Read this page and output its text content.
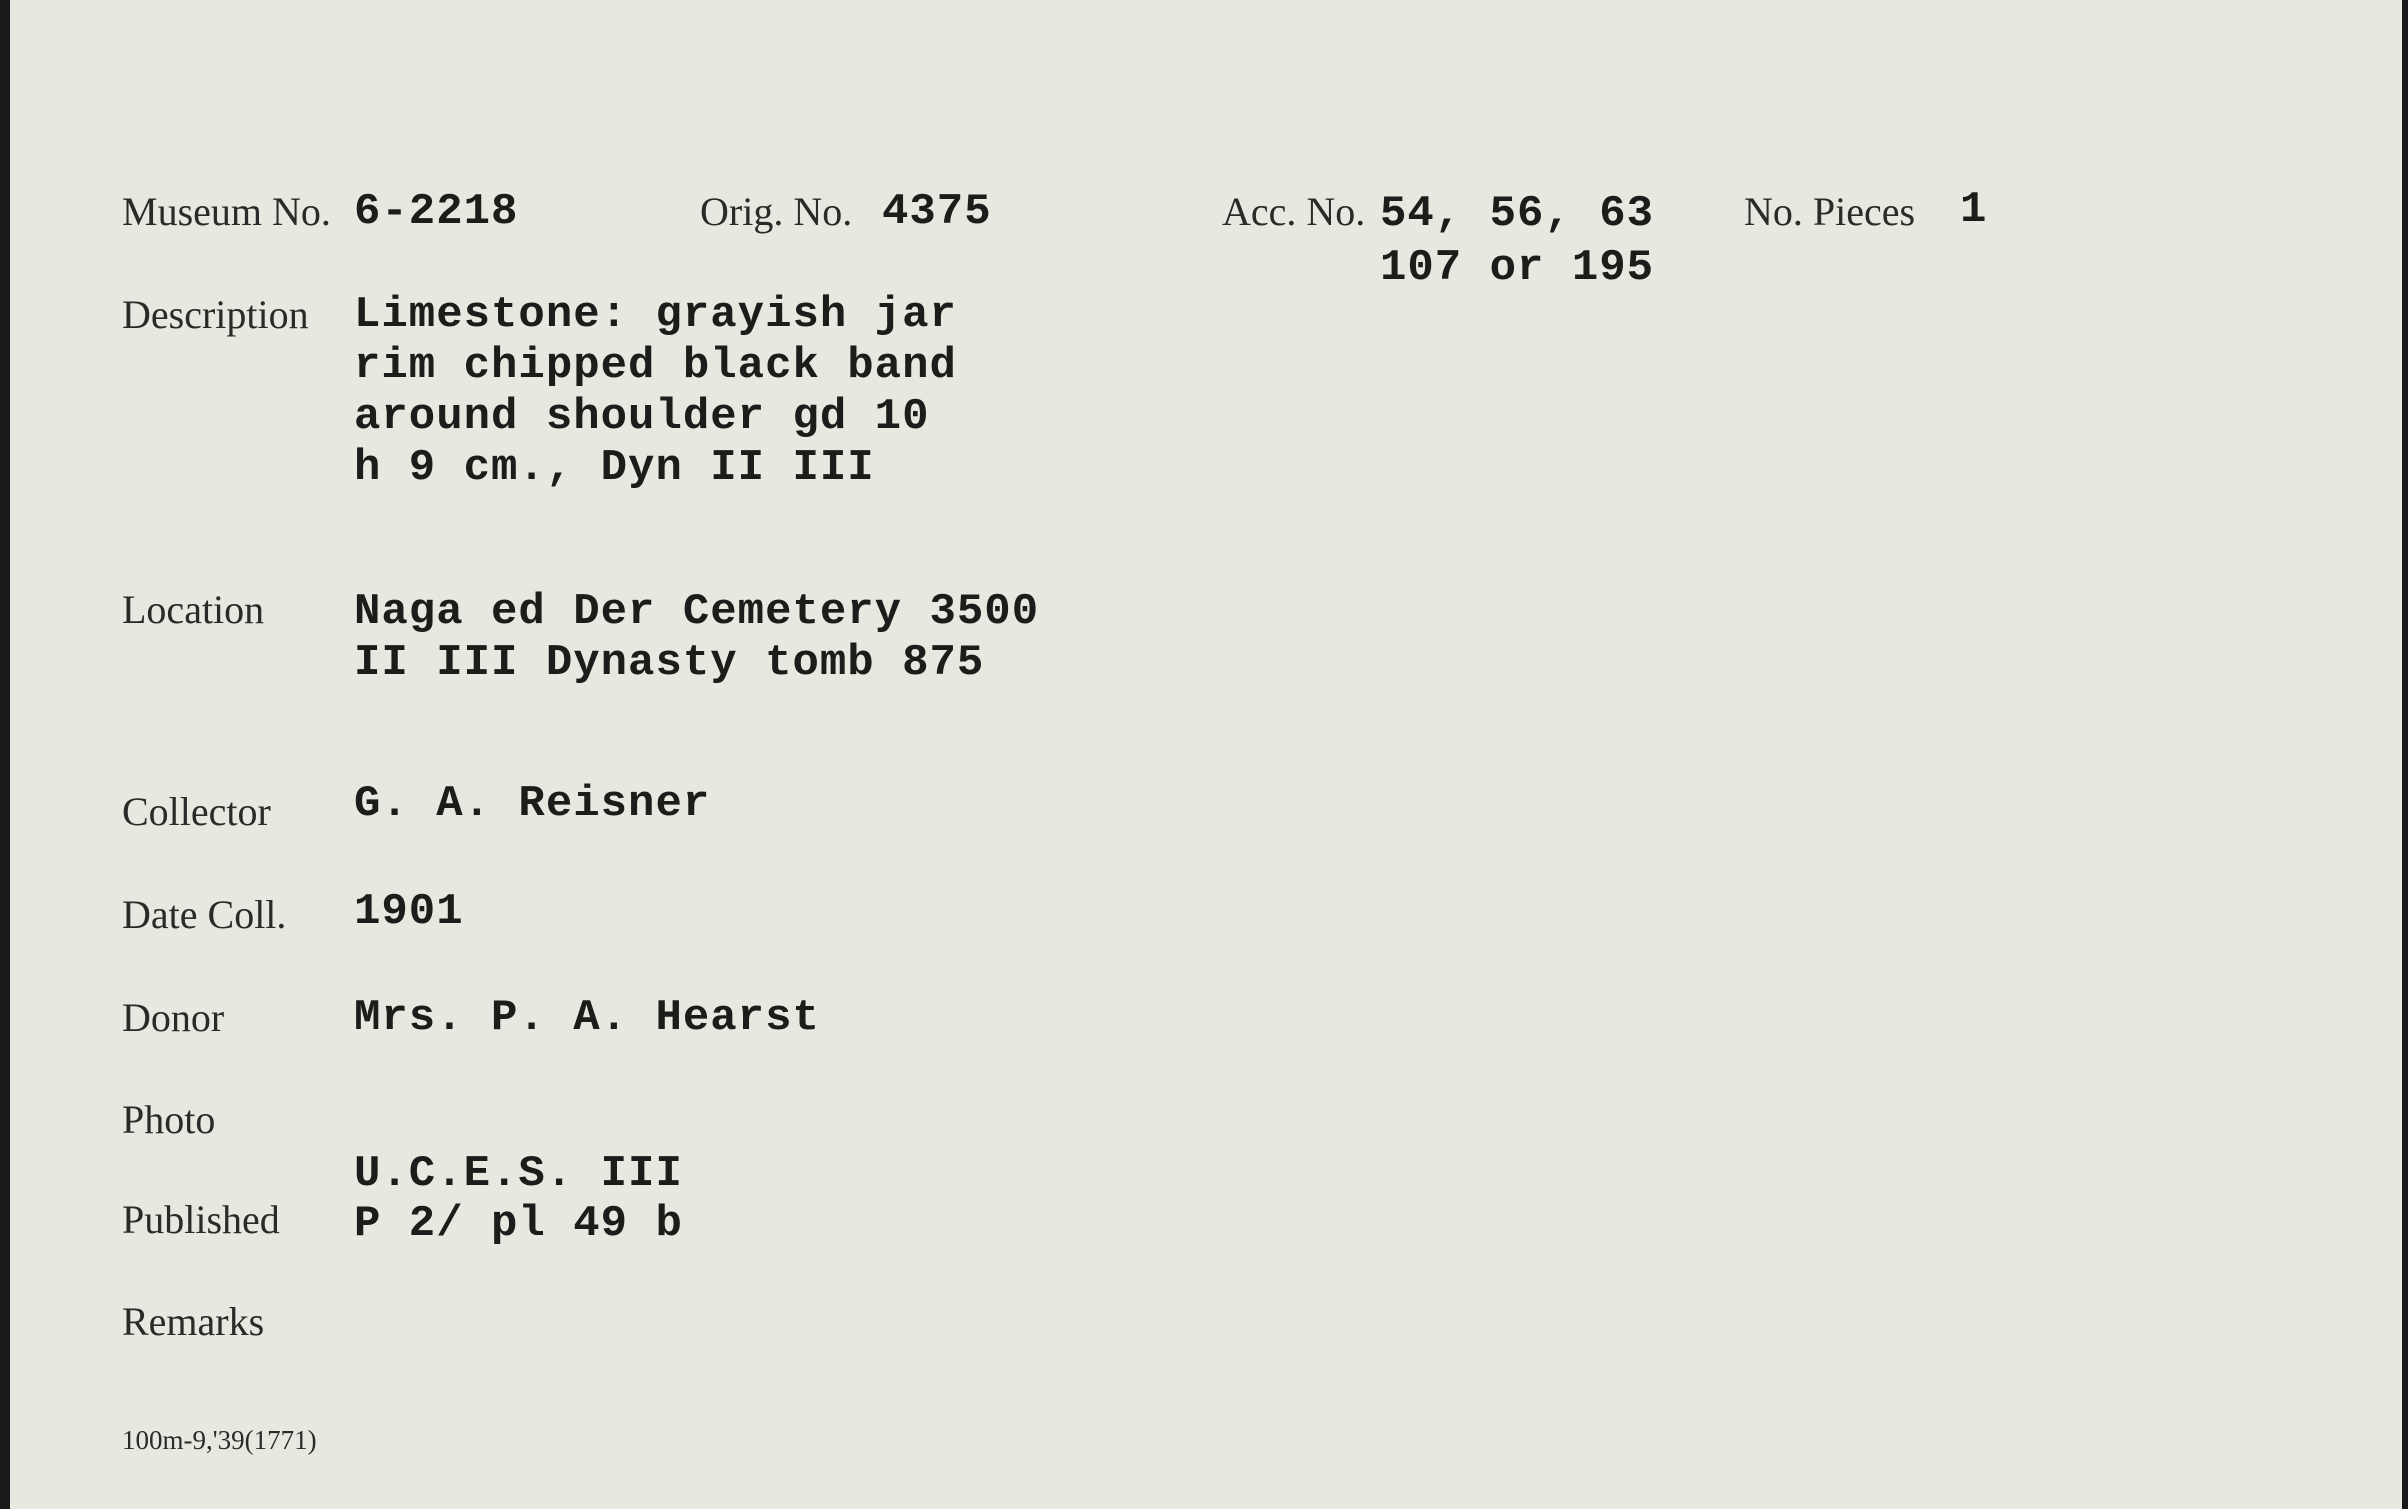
Museum No. 6-2218	Orig. No. 4375	Acc. No. 54, 56, 63
107 or 195
No. Pieces 1
Description Limestone: grayish jar
rim chipped black band
around shoulder gd 10
h 9 cm., Dyn II III
Location Naga ed Der Cemetery 3500
II III Dynasty tomb 875
Collector G. A. Reisner
Date Coll. 1901
Donor	Mrs. P. A. Hearst
Photo
U.C.E.S. III
Published P 2/ pl 49 b
Remarks
100m-9,'39(1771)
